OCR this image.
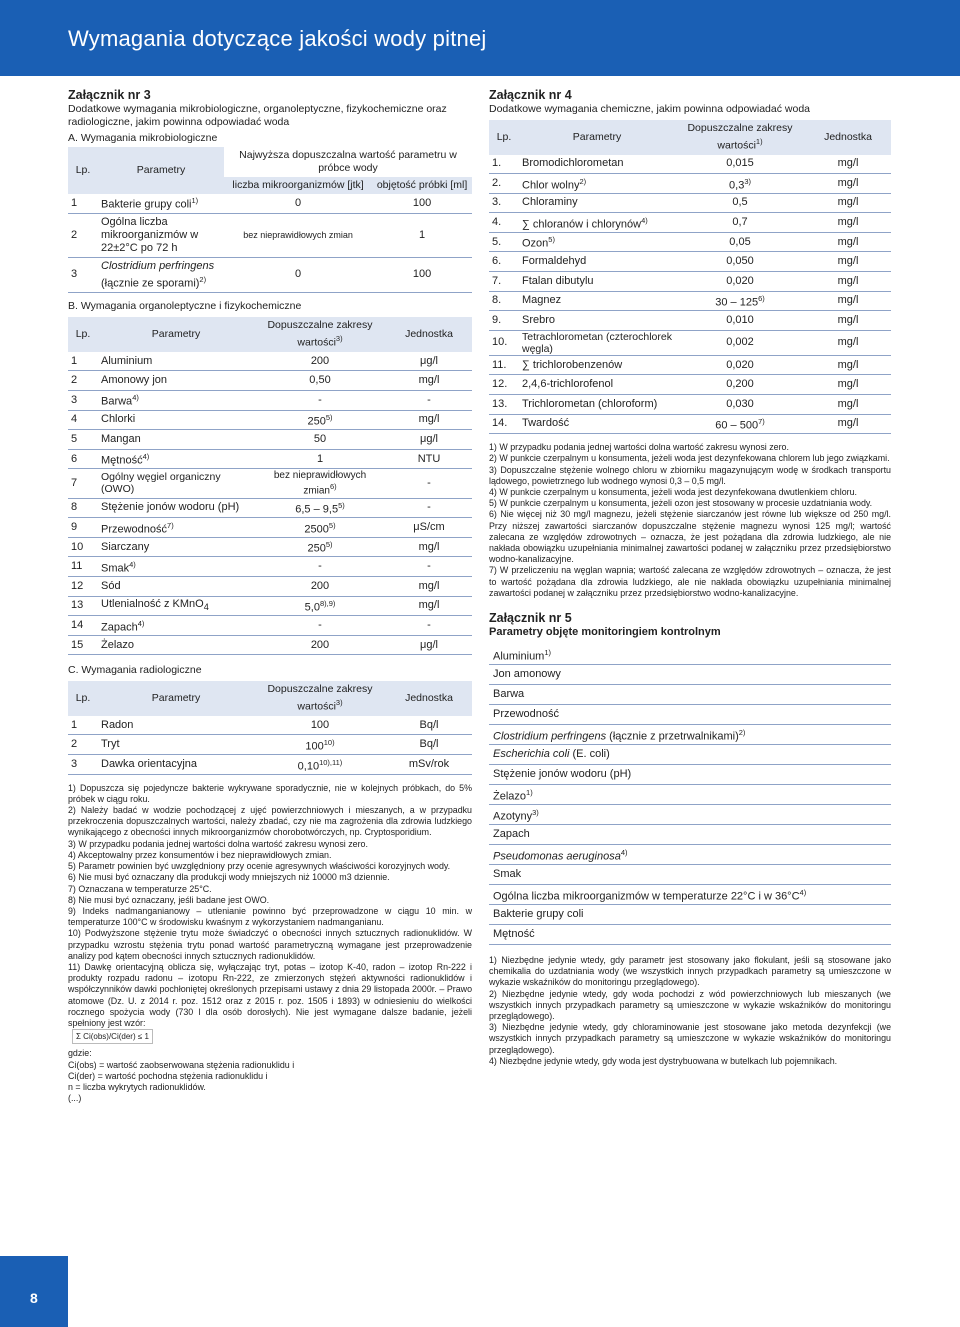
Wymagania dotyczące jakości wody pitnej

Załącznik nr 3

Dodatkowe wymagania mikrobiologiczne, organoleptyczne, fizykochemiczne oraz radiologiczne, jakim powinna odpowiadać woda

A. Wymagania mikrobiologiczne

Lp.	Parametry	Najwyższa dopuszczalna wartość parametru w próbce wody	
		liczba mikroorganizmów [jtk]	objętość próbki [ml]
1	Bakterie grupy coli$^{1)}$	0	100
2	Ogólna liczba mikroorganizmów w 22±2°C po 72 h	bez nieprawidłowych zmian	1
3	Clostridium perfringens
(łącznie ze sporami)$^{2)}$	0	100

B. Wymagania organoleptyczne i fizykochemiczne

Lp.	Parametry	Dopuszczalne zakresy wartości$^{3)}$	Jednostka
1	Aluminium	200	μg/l
2	Amonowy jon	0,50	mg/l
3	Barwa$^{4)}$	-	-
4	Chlorki	250$^{5)}$	mg/l
5	Mangan	50	μg/l
6	Mętność$^{4)}$	1	NTU
7	Ogólny węgiel organiczny (OWO)	bez nieprawidłowych zmian$^{6)}$	-
8	Stężenie jonów wodoru (pH)	6,5 – 9,5$^{5)}$	-
9	Przewodność$^{7)}$	2500$^{5)}$	μS/cm
10	Siarczany	250$^{5)}$	mg/l
11	Smak$^{4)}$	-	-
12	Sód	200	mg/l
13	Utlenialność z KMnO$_4$	$5,0^{8),9)}$	mg/l
14	Zapach$^{4)}$	-	-
15	Żelazo	200	μg/l

C. Wymagania radiologiczne

Lp.	Parametry	Dopuszczalne zakresy wartości$^{3)}$	Jednostka
1	Radon	100	Bq/l
2	Tryt	100$^{10)}$	Bq/l
3	Dawka orientacyjna	$0,10^{10),11)}$	mSv/rok

1) Dopuszcza się pojedyncze bakterie wykrywane sporadycznie, nie w kolejnych próbkach, do 5% próbek w ciągu roku.

2) Należy badać w wodzie pochodzącej z ujęć powierzchniowych i mieszanych, a w przypadku przekroczenia dopuszczalnych wartości, należy zbadać, czy nie ma zagrożenia dla zdrowia ludzkiego wynikającego z obecności innych mikroorganizmów chorobotwórczych, np. Cryptosporidium.

3) W przypadku podania jednej wartości dolna wartość zakresu wynosi zero.

4) Akceptowalny przez konsumentów i bez nieprawidłowych zmian.

5) Parametr powinien być uwzględniony przy ocenie agresywnych właściwości korozyjnych wody.

6) Nie musi być oznaczany dla produkcji wody mniejszych niż 10000 m3 dziennie.

7) Oznaczana w temperaturze 25°C.

8) Nie musi być oznaczany, jeśli badane jest OWO.

9) Indeks nadmanganianowy – utlenianie powinno być przeprowadzone w ciągu 10 min. w temperaturze 100°C w środowisku kwaśnym z wykorzystaniem nadmanganianu.

10) Podwyższone stężenie trytu może świadczyć o obecności innych sztucznych radionuklidów. W przypadku wzrostu stężenia trytu ponad wartość parametryczną wymagane jest przeprowadzenie analizy pod kątem obecności innych sztucznych radionuklidów.

11) Dawkę orientacyjną oblicza się, wyłączając tryt, potas – izotop K-40, radon – izotop Rn-222 i produkty rozpadu radonu – izotopu Rn-222, ze zmierzonych stężeń aktywności radionuklidów i współczynników dawki pochłoniętej określonych przepisami ustawy z dnia 29 listopada 2000r. – Prawo atomowe (Dz. U. z 2014 r. poz. 1512 oraz z 2015 r. poz. 1505 i 1893) w odniesieniu do wielkości rocznego spożycia wody (730 l dla osób dorosłych). Nie jest wymagane dalsze badanie, jeżeli spełniony jest wzór:

Σ Ci(obs)/Ci(der) ≤ 1

gdzie:

Ci(obs) = wartość zaobserwowana stężenia radionuklidu i

Ci(der) = wartość pochodna stężenia radionuklidu i

n = liczba wykrytych radionuklidów.

(...)

Załącznik nr 4

Dodatkowe wymagania chemiczne, jakim powinna odpowiadać woda

Lp.	Parametry	Dopuszczalne zakresy wartości$^{1)}$	Jednostka
1.	Bromodichlorometan	0,015	mg/l
2.	Chlor wolny$^{2)}$	0,3$^{3)}$	mg/l
3.	Chloraminy	0,5	mg/l
4.	∑ chloranów i chlorynów$^{4)}$	0,7	mg/l
5.	Ozon$^{5)}$	0,05	mg/l
6.	Formaldehyd	0,050	mg/l
7.	Ftalan dibutylu	0,020	mg/l
8.	Magnez	30 – 125$^{6)}$	mg/l
9.	Srebro	0,010	mg/l
10.	Tetrachlorometan (czterochlorek węgla)	0,002	mg/l
11.	∑ trichlorobenzenów	0,020	mg/l
12.	2,4,6-trichlorofenol	0,200	mg/l
13.	Trichlorometan (chloroform)	0,030	mg/l
14.	Twardość	60 – 500$^{7)}$	mg/l

1) W przypadku podania jednej wartości dolna wartość zakresu wynosi zero.

2) W punkcie czerpalnym u konsumenta, jeżeli woda jest dezynfekowana chlorem lub jego związkami.

3) Dopuszczalne stężenie wolnego chloru w zbiorniku magazynującym wodę w środkach transportu lądowego, powietrznego lub wodnego wynosi 0,3 – 0,5 mg/l.

4) W punkcie czerpalnym u konsumenta, jeżeli woda jest dezynfekowana dwutlenkiem chloru.

5) W punkcie czerpalnym u konsumenta, jeżeli ozon jest stosowany w procesie uzdatniania wody.

6) Nie więcej niż 30 mg/l magnezu, jeżeli stężenie siarczanów jest równe lub większe od 250 mg/l. Przy niższej zawartości siarczanów dopuszczalne stężenie magnezu wynosi 125 mg/l; wartość zalecana ze względów zdrowotnych – oznacza, że jest pożądana dla zdrowia ludzkiego, ale nie nakłada obowiązku uzupełniania minimalnej zawartości podanej w załączniku przez przedsiębiorstwo wodno-kanalizacyjne.

7) W przeliczeniu na węglan wapnia; wartość zalecana ze względów zdrowotnych – oznacza, że jest to wartość pożądana dla zdrowia ludzkiego, ale nie nakłada obowiązku uzupełniania minimalnej zawartości podanej w załączniku przez przedsiębiorstwo wodno-kanalizacyjne.

Załącznik nr 5

Parametry objęte monitoringiem kontrolnym

Aluminium$^{1)}$
Jon amonowy
Barwa
Przewodność
Clostridium perfringens (łącznie z przetrwalnikami)$^{2)}$
Escherichia coli (E. coli)
Stężenie jonów wodoru (pH)
Żelazo$^{1)}$
Azotyny$^{3)}$
Zapach
Pseudomonas aeruginosa$^{4)}$
Smak
Ogólna liczba mikroorganizmów w temperaturze 22°C i w $36^\circ C^{4)}$
Bakterie grupy coli
Mętność

1) Niezbędne jedynie wtedy, gdy parametr jest stosowany jako flokulant, jeśli są stosowane jako chemikalia do uzdatniania wody (we wszystkich innych przypadkach parametry są umieszczone w wykazie wskaźników do monitoringu przeglądowego).

2) Niezbędne jedynie wtedy, gdy woda pochodzi z wód powierzchniowych lub mieszanych (we wszystkich innych przypadkach parametry są umieszczone w wykazie wskaźników do monitoringu przeglądowego).

3) Niezbędne jedynie wtedy, gdy chloraminowanie jest stosowane jako metoda dezynfekcji (we wszystkich innych przypadkach parametry są umieszczone w wykazie wskaźników do monitoringu przeglądowego).

4) Niezbędne jedynie wtedy, gdy woda jest dystrybuowana w butelkach lub pojemnikach.

8
